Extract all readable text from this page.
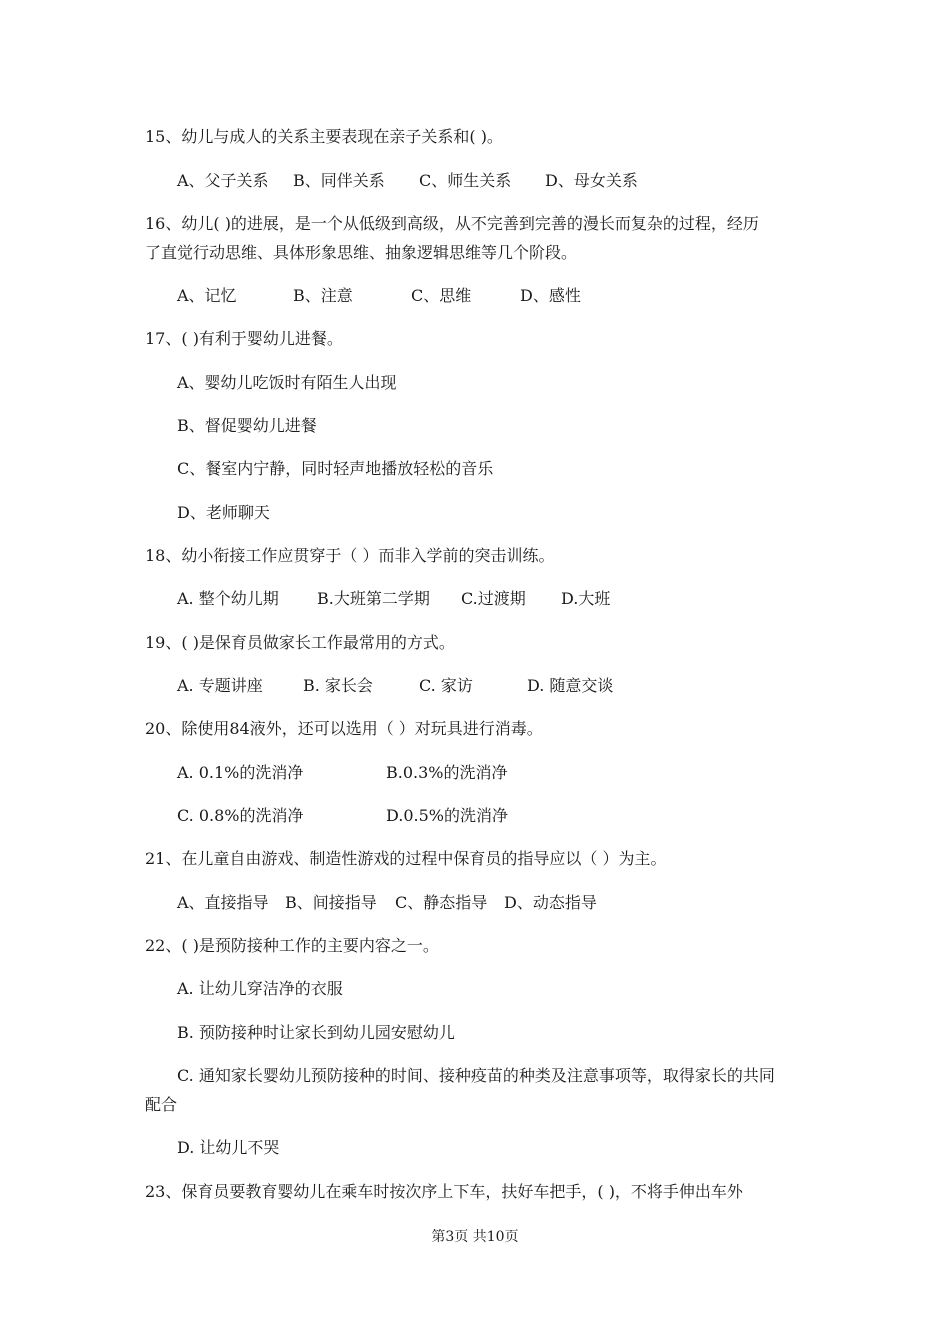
15、幼儿与成人的关系主要表现在亲子关系和( )。
A、父子关系 B、同伴关系 C、师生关系 D、母女关系
16、幼儿( )的进展，是一个从低级到高级，从不完善到完善的漫长而复杂的过程，经历
了直觉行动思维、具体形象思维、抽象逻辑思维等几个阶段。
A、记忆	B、注意	C、思维	D、感性
17、( )有利于婴幼儿进餐。
A、婴幼儿吃饭时有陌生人出现
B、督促婴幼儿进餐
C、餐室内宁静，同时轻声地播放轻松的音乐
D、老师聊天
18、幼小衔接工作应贯穿于（ ）而非入学前的突击训练。
A. 整个幼儿期 B.大班第二学期 C.过渡期 D.大班
19、( )是保育员做家长工作最常用的方式。
A. 专题讲座	B. 家长会	C. 家访	D. 随意交谈
20、除使用84液外，还可以选用（ ）对玩具进行消毒。
A. 0.1%的洗消净	B.0.3%的洗消净
C. 0.8%的洗消净	D.0.5%的洗消净
21、在儿童自由游戏、制造性游戏的过程中保育员的指导应以（ ）为主。
A、直接指导 B、间接指导 C、静态指导 D、动态指导
22、( )是预防接种工作的主要内容之一。
A. 让幼儿穿洁净的衣服
B. 预防接种时让家长到幼儿园安慰幼儿
C. 通知家长婴幼儿预防接种的时间、接种疫苗的种类及注意事项等，取得家长的共同
配合
D. 让幼儿不哭
23、保育员要教育婴幼儿在乘车时按次序上下车，扶好车把手，( )，不将手伸出车外
第3页 共10页
